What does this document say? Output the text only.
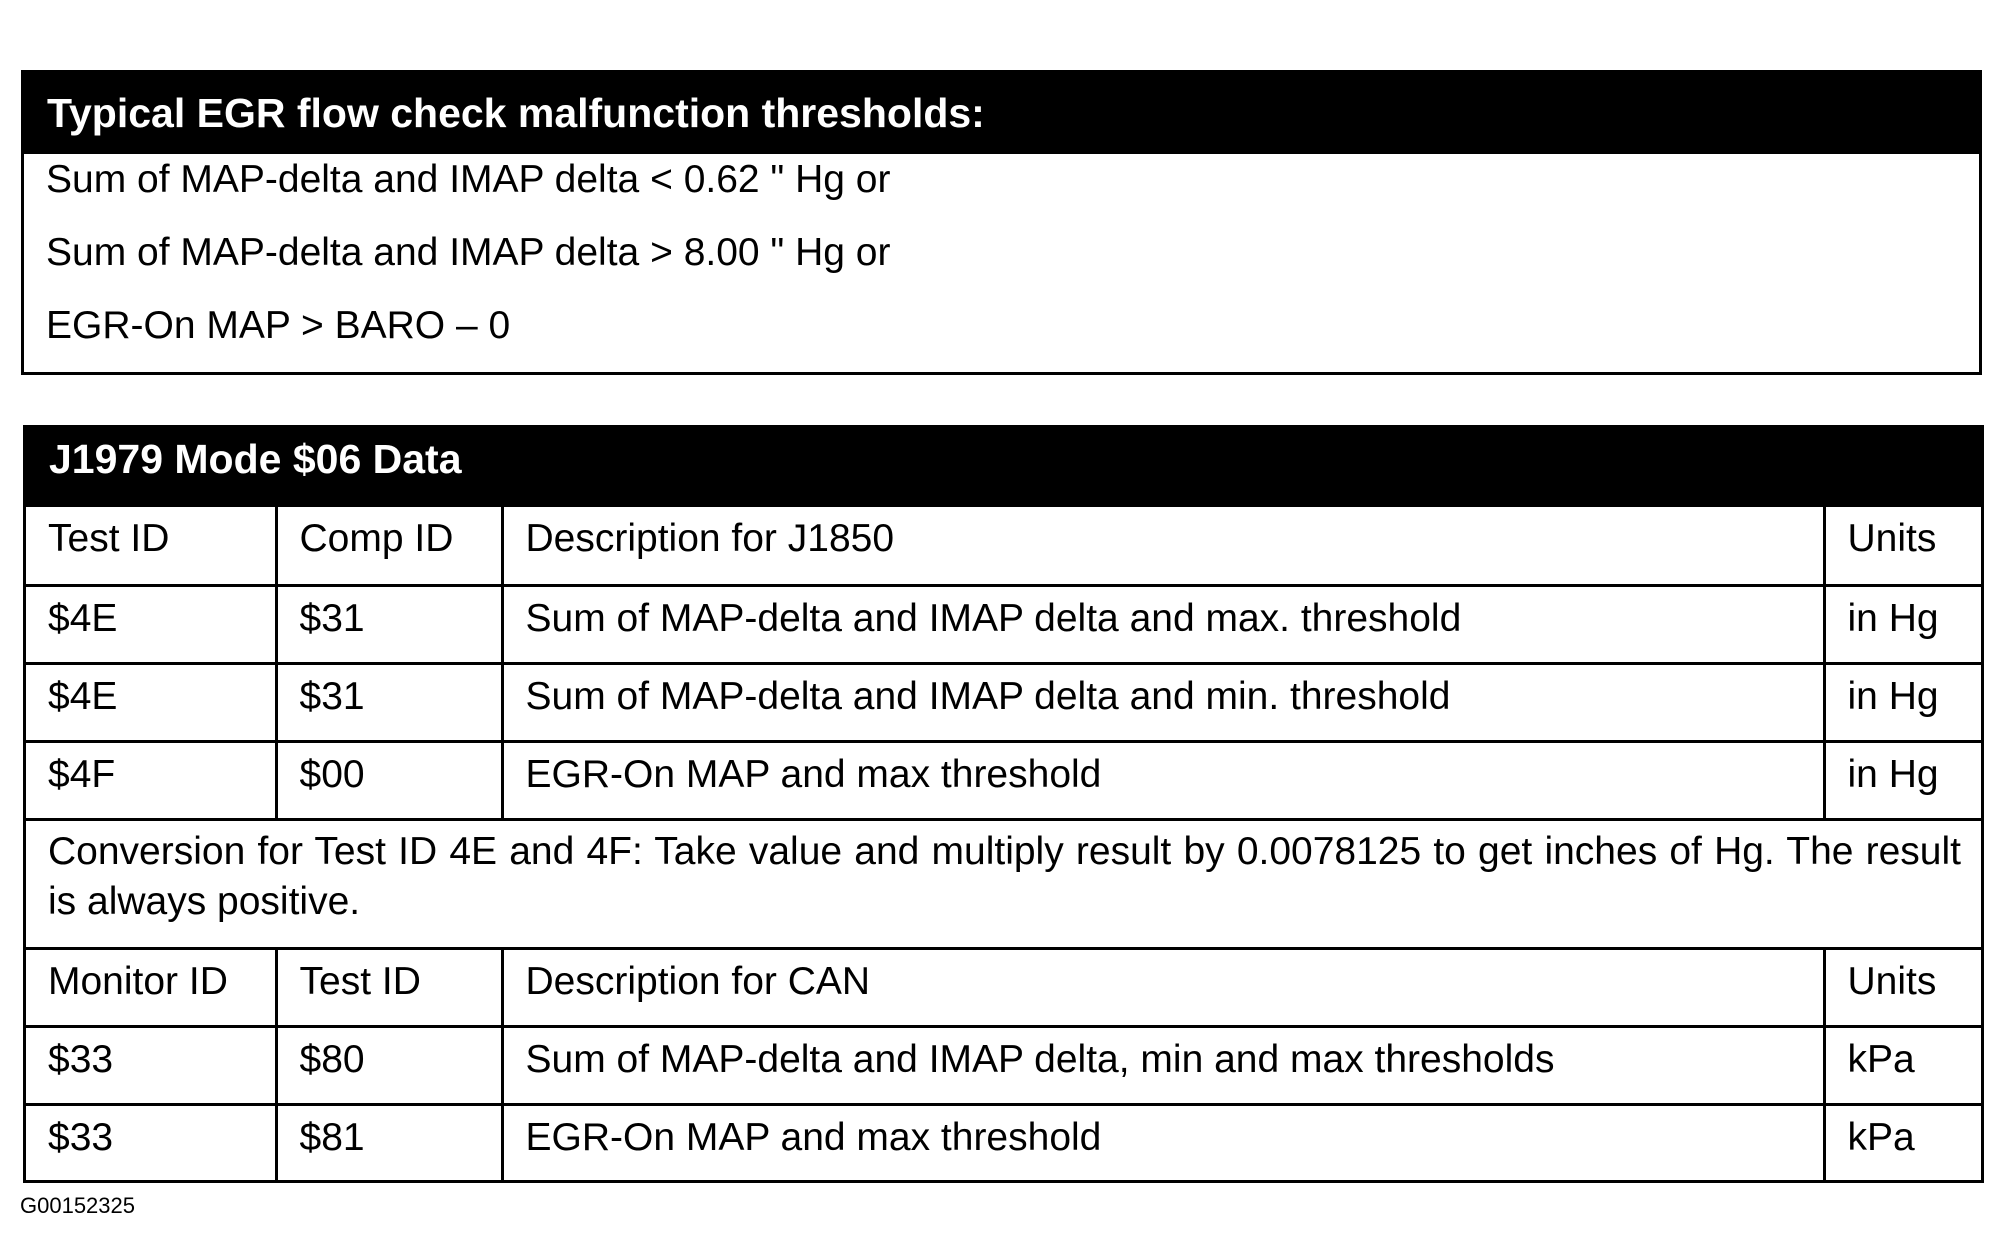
Typical EGR flow check malfunction thresholds:
Sum of MAP-delta and IMAP delta < 0.62 " Hg or
Sum of MAP-delta and IMAP delta > 8.00 " Hg or
EGR-On MAP > BARO – 0
J1979 Mode $06 Data
Test ID	Comp ID	Description for J1850	Units
$4E	$31	Sum of MAP-delta and IMAP delta and max. threshold	in Hg
$4E	$31	Sum of MAP-delta and IMAP delta and min. threshold	in Hg
$4F	$00	EGR-On MAP and max threshold	in Hg
Conversion for Test ID 4E and 4F: Take value and multiply result by 0.0078125 to get inches of Hg. The result is always positive.			
Monitor ID	Test ID	Description for CAN	Units
$33	$80	Sum of MAP-delta and IMAP delta, min and max thresholds	kPa
$33	$81	EGR-On MAP and max threshold	kPa
G00152325
